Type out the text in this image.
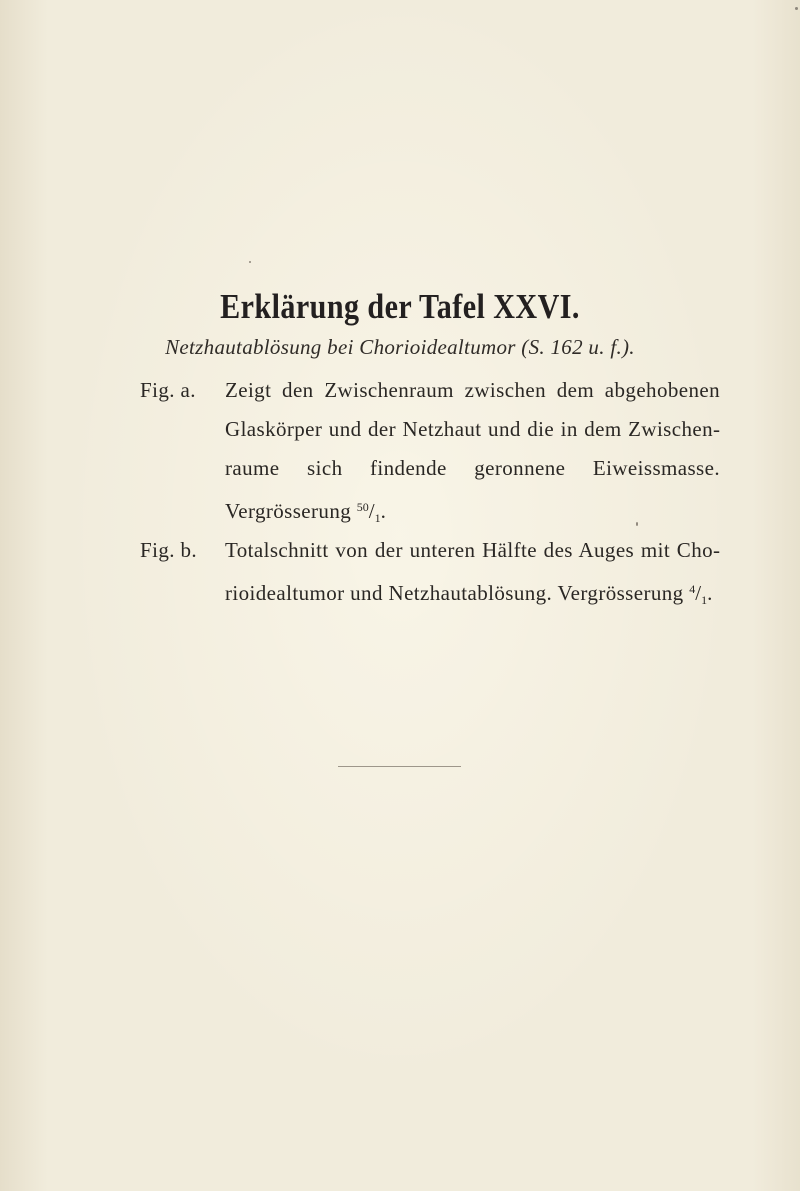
Erklärung der Tafel XXVI.
Netzhautablösung bei Chorioidealtumor (S. 162 u. f.).
Fig. a.	Zeigt den Zwischenraum zwischen dem abgehobenen Glaskörper und der Netzhaut und die in dem Zwischenraume sich findende geronnene Eiweissmasse. Vergrösserung $^{50}$/1.
Fig. b.	Totalschnitt von der unteren Hälfte des Auges mit Chorioidealtumor und Netzhautablösung. Vergrösserung $^4$/1.
